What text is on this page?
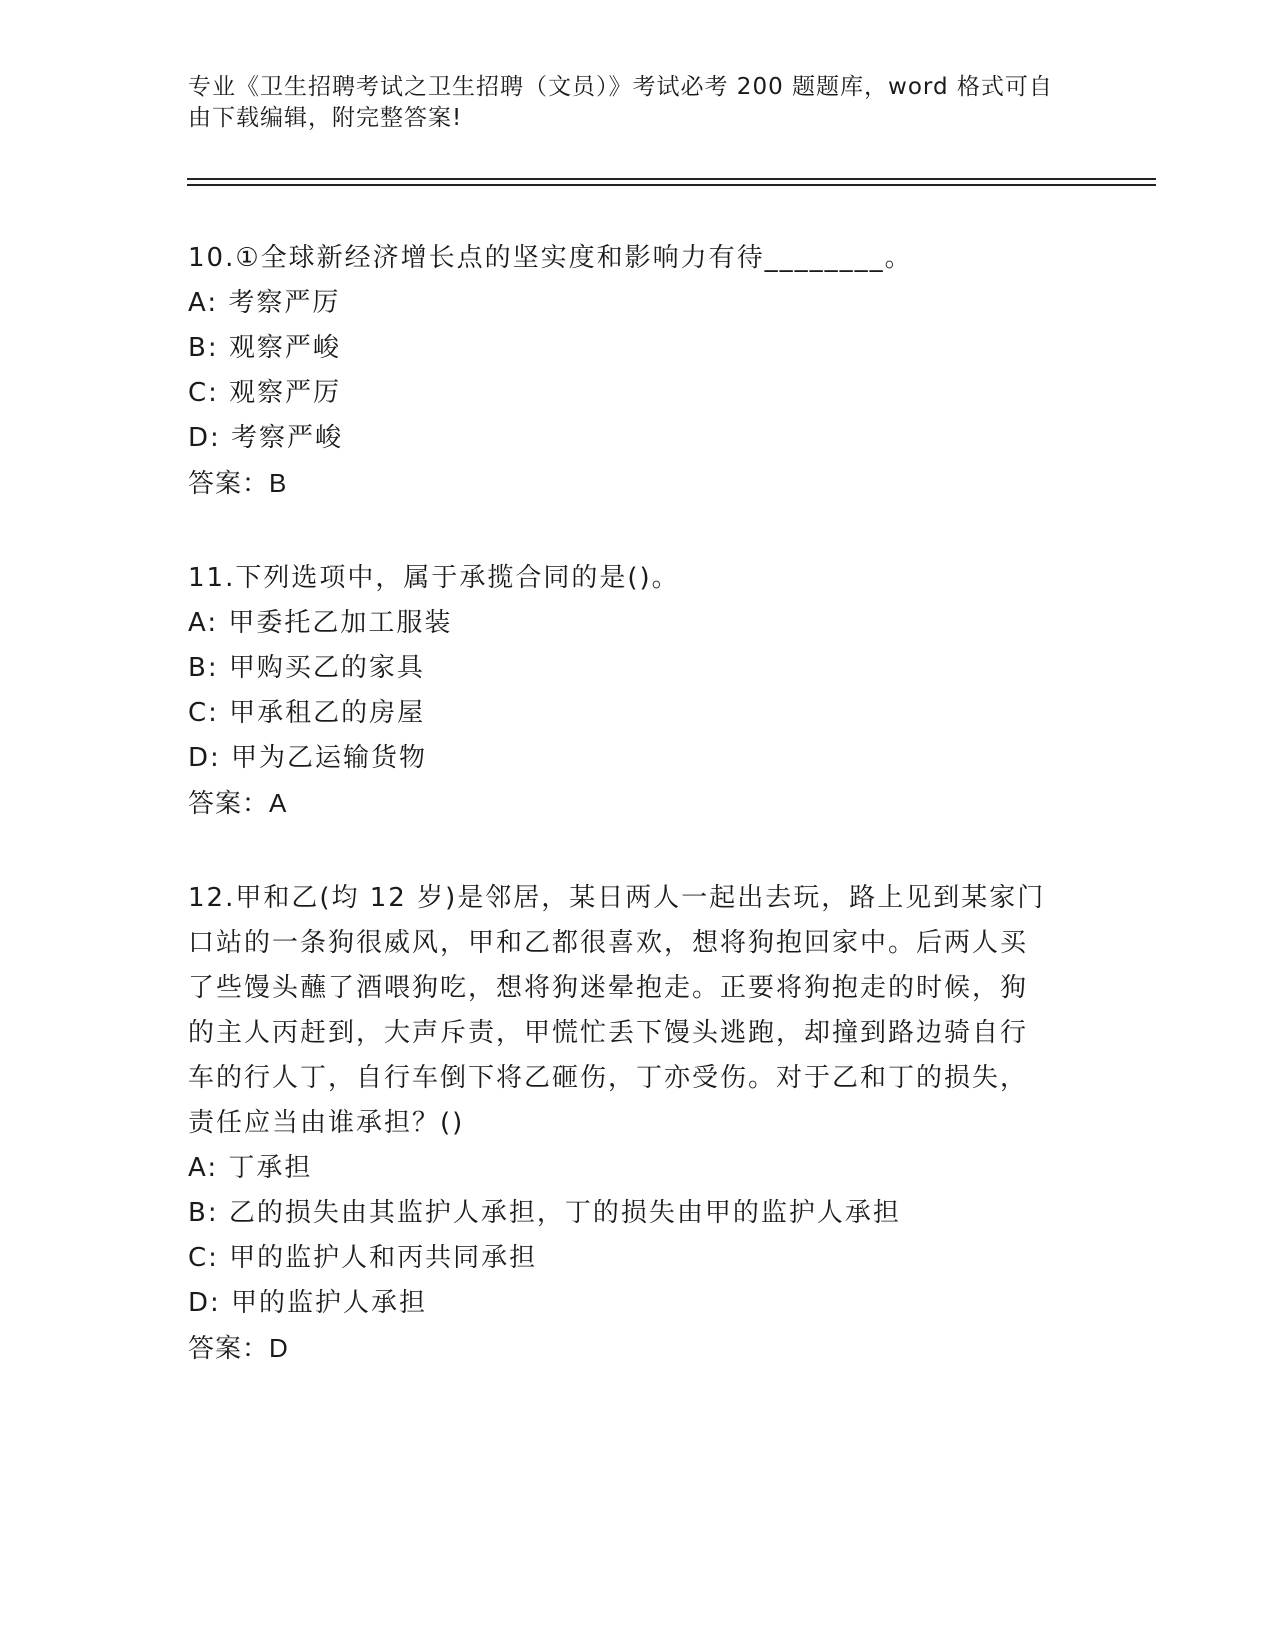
专业《卫生招聘考试之卫生招聘（文员）》考试必考 200 题题库，word 格式可自

由下载编辑，附完整答案!

10.①全球新经济增长点的坚实度和影响力有待________。

A: 考察严厉

B: 观察严峻

C: 观察严厉

D: 考察严峻

答案：B

11.下列选项中，属于承揽合同的是()。

A: 甲委托乙加工服装

B: 甲购买乙的家具

C: 甲承租乙的房屋

D: 甲为乙运输货物

答案：A

12.甲和乙(均 12 岁)是邻居，某日两人一起出去玩，路上见到某家门

口站的一条狗很威风，甲和乙都很喜欢，想将狗抱回家中。后两人买

了些馒头蘸了酒喂狗吃，想将狗迷晕抱走。正要将狗抱走的时候，狗

的主人丙赶到，大声斥责，甲慌忙丢下馒头逃跑，却撞到路边骑自行

车的行人丁，自行车倒下将乙砸伤，丁亦受伤。对于乙和丁的损失，

责任应当由谁承担？()

A: 丁承担

B: 乙的损失由其监护人承担，丁的损失由甲的监护人承担

C: 甲的监护人和丙共同承担

D: 甲的监护人承担

答案：D
